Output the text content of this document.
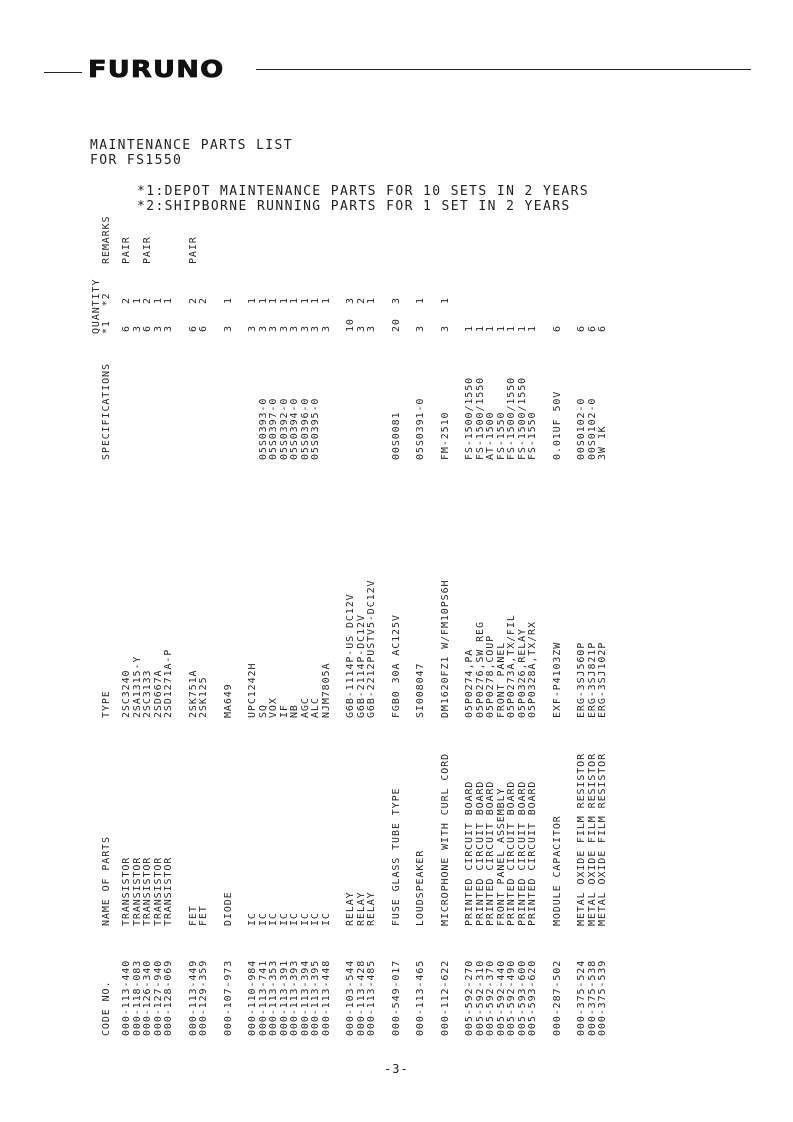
FURUNO
MAINTENANCE PARTS LIST
FOR FS1550
*1:DEPOT MAINTENANCE PARTS FOR 10 SETS IN 2 YEARS
*2:SHIPBORNE RUNNING PARTS FOR 1 SET IN 2 YEARS
CODE NO.
NAME OF PARTS
TYPE
SPECIFICATIONS
QUANTITY *1  *2
REMARKS
000-113-440
000-118-083
000-126-340
000-127-940
000-128-069
TRANSISTOR
TRANSISTOR
TRANSISTOR
TRANSISTOR
TRANSISTOR
2SC3240
2SA1315-Y
2SC3133
2SD667A
2SD1271A-P
6
3
6
3
3
2
1
2
1
1
PAIR

PAIR
000-113-449
000-129-359
FET
FET
2SK751A
2SK125
6
6
2
2
PAIR
000-107-973
DIODE
MA649
3
1
000-110-984
000-113-741
000-113-353
000-113-391
000-113-393
000-113-394
000-113-395
000-113-448
IC
IC
IC
IC
IC
IC
IC
IC
UPC1242H
SQ
VOX
IF
NB
AGC
ALC
NJM7805A

05S0393-0
05S0397-0
05S0392-0
05S0394-0
05S0396-0
05S0395-0
3
3
3
3
3
3
3
3
1
1
1
1
1
1
1
1
000-103-544
000-113-428
000-113-485
RELAY
RELAY
RELAY
G6B-1114P-US DC12V
G6B-2114P-DC12V
G6B-2212PUSTV5-DC12V
10
3
3
3
2
1
000-549-017
FUSE GLASS TUBE TYPE
FGB0 30A AC125V
00S0081
20
3
000-113-465
LOUDSPEAKER
SI008047
05S0391-0
3
1
000-112-622
MICROPHONE WITH CURL CORD
DM1620FZ1 W/FM10PS6H
FM-2510
3
1
005-592-270
005-592-310
005-592-370
005-592-440
005-592-490
005-593-600
005-593-620
PRINTED CIRCUIT BOARD
PRINTED CIRCUIT BOARD
PRINTED CIRCUIT BOARD
FRONT PANEL ASSEMBLY
PRINTED CIRCUIT BOARD
PRINTED CIRCUIT BOARD
PRINTED CIRCUIT BOARD
05P0274,PA
05P0276,SW REG
05P0278,COUP
FRONT PANEL
05P0273A,TX/FIL
05P0326,RELAY
05P0328A,TX/RX
FS-1500/1550
FS-1500/1550
AT-1500
FS-1550
FS-1500/1550
FS-1500/1550
FS-1550
1
1
1
1
1
1
1
000-287-502
MODULE CAPACITOR
EXF-P4103ZW
0.01UF 50V
6
000-375-524
000-375-538
000-375-539
METAL OXIDE FILM RESISTOR
METAL OXIDE FILM RESISTOR
METAL OXIDE FILM RESISTOR
ERG-3SJ560P
ERG-3SJ821P
ERG-3SJ102P
00S0102-0
00S0102-0
3W 1K
6
6
6
-3-
